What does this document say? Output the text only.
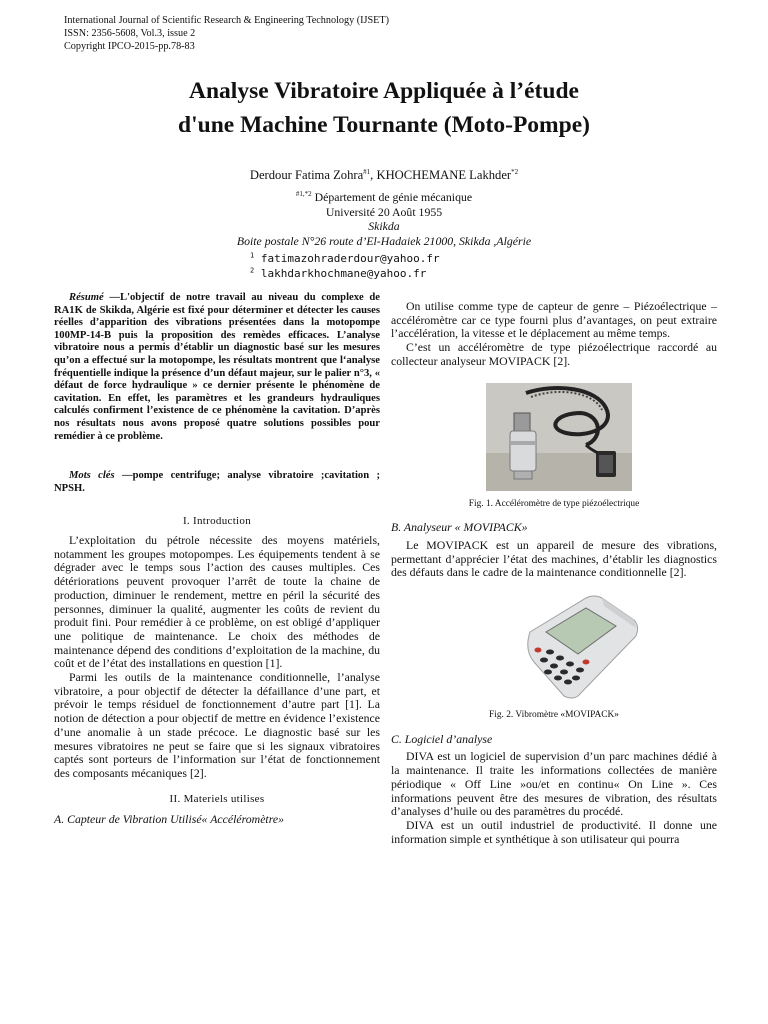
International Journal of Scientific Research & Engineering Technology (IJSET)
ISSN: 2356-5608, Vol.3, issue 2
Copyright IPCO-2015-pp.78-83
Analyse Vibratoire Appliquée à l’étude
d'une Machine Tournante (Moto-Pompe)
Derdour Fatima Zohra$^{\#1}$, KHOCHEMANE Lakhder$^{*2}$
$^{\#1,*2}$ Département de génie mécanique
Université 20 Août 1955
Skikda
Boite postale N°26 route d’El-Hadaiek 21000, Skikda ,Algérie
$^1$ fatimazohraderdour@yahoo.fr
$^2$ lakhdarkhochmane@yahoo.fr
Résumé —L'objectif de notre travail au niveau du complexe de RA1K de Skikda, Algérie est fixé pour déterminer et détecter les causes réelles d’apparition des vibrations présentées dans la motopompe 100MP-14-B puis la proposition des remèdes efficaces. L’analyse vibratoire nous a permis d’établir un diagnostic basé sur les mesures qu’on a effectué sur la motopompe, les résultats montrent que l‘analyse fréquentielle indique la présence d’un défaut majeur, sur le palier n°3, « défaut de force hydraulique » ce dernier présente le phénomène de cavitation. En effet, les paramètres et les grandeurs hydrauliques calculés confirment l’existence de ce phénomène la cavitation. D’après nos résultats nous avons proposé quatre solutions possibles pour remédier à ce problème.
Mots clés —pompe centrifuge; analyse vibratoire ;cavitation ; NPSH.
I. Introduction

L’exploitation du pétrole nécessite des moyens matériels, notamment les groupes motopompes. Les équipements tendent à se dégrader avec le temps sous l’action des causes multiples. Ces détériorations peuvent provoquer l’arrêt de toute la chaine de production, diminuer le rendement, mettre en péril la sécurité des personnes, diminuer la qualité, augmenter les coûts de revient du produit fini. Pour remédier à ce problème, on est obligé d’appliquer une politique de maintenance. Le choix des méthodes de maintenance dépend des conditions d’exploitation de la machine, du coût et de l’état des installations en question [1].

Parmi les outils de la maintenance conditionnelle, l’analyse vibratoire, a pour objectif de détecter la défaillance d’une part, et prévoir le temps résiduel de fonctionnement d’autre part [1]. La notion de détection a pour objectif de mettre en évidence l’existence d’une anomalie à un stade précoce. Le diagnostic basé sur les mesures vibratoires ne peut se faire que si les signaux vibratoires captés sont porteurs de l’information sur l’état de fonctionnement des composants mécaniques [2].

II. Materiels utilises
A. Capteur de Vibration Utilisé« Accéléromètre»

On utilise comme type de capteur de genre – Piézoélectrique – accéléromètre car ce type fourni plus d’avantages, on peut extraire l’accélération, la vitesse et le déplacement au même temps.

C’est un accéléromètre de type piézoélectrique raccordé au collecteur analyseur MOVIPACK [2].

Fig. 1. Accéléromètre de type piézoélectrique
B. Analyseur « MOVIPACK»

Le MOVIPACK est un appareil de mesure des vibrations, permettant d’apprécier l’état des machines, d’établir les diagnostics des défauts dans le cadre de la maintenance conditionnelle [2].

Fig. 2. Vibromètre «MOVIPACK»
C. Logiciel d’analyse

DIVA est un logiciel de supervision d’un parc machines dédié à la maintenance. Il traite les informations collectées de manière périodique « Off Line »ou/et en continu« On Line ». Ces informations peuvent être des mesures de vibration, des résultats d’analyses d’huile ou des paramètres du procédé.

DIVA est un outil industriel de productivité. Il donne une information simple et synthétique à son utilisateur qui pourra
